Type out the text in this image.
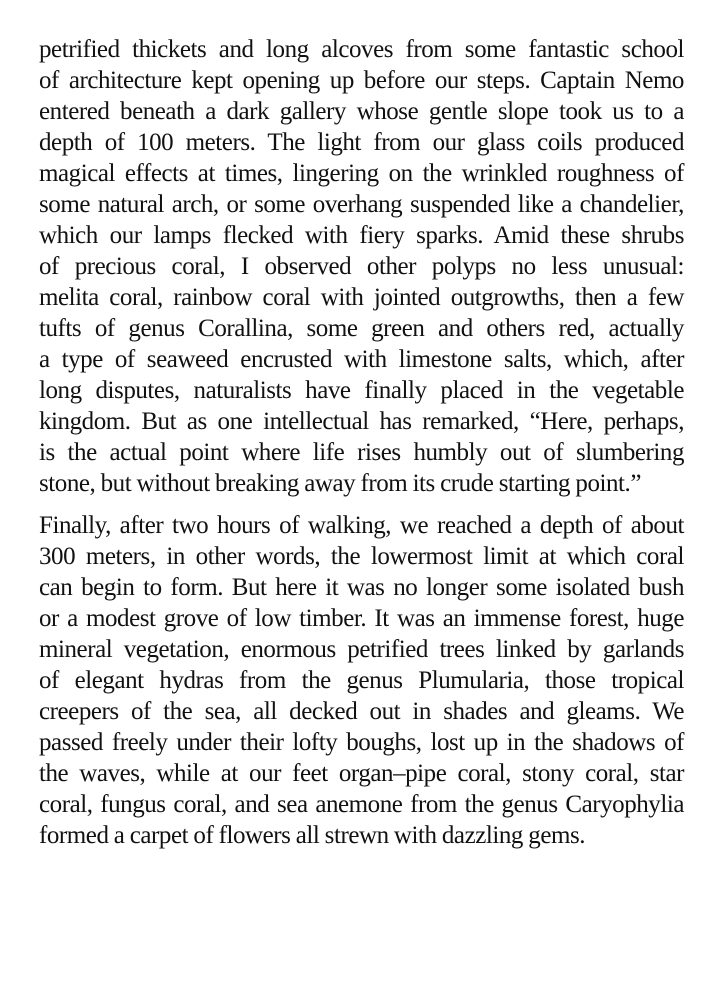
petrified thickets and long alcoves from some fantastic school
of architecture kept opening up before our steps. Captain Nemo
entered beneath a dark gallery whose gentle slope took us to a
depth of 100 meters. The light from our glass coils produced
magical effects at times, lingering on the wrinkled roughness of
some natural arch, or some overhang suspended like a chandelier,
which our lamps flecked with fiery sparks. Amid these shrubs
of precious coral, I observed other polyps no less unusual:
melita coral, rainbow coral with jointed outgrowths, then a few
tufts of genus Corallina, some green and others red, actually
a type of seaweed encrusted with limestone salts, which, after
long disputes, naturalists have finally placed in the vegetable
kingdom. But as one intellectual has remarked, “Here, perhaps,
is the actual point where life rises humbly out of slumbering
stone, but without breaking away from its crude starting point.”

Finally, after two hours of walking, we reached a depth of about
300 meters, in other words, the lowermost limit at which coral
can begin to form. But here it was no longer some isolated bush
or a modest grove of low timber. It was an immense forest, huge
mineral vegetation, enormous petrified trees linked by garlands
of elegant hydras from the genus Plumularia, those tropical
creepers of the sea, all decked out in shades and gleams. We
passed freely under their lofty boughs, lost up in the shadows of
the waves, while at our feet organ–pipe coral, stony coral, star
coral, fungus coral, and sea anemone from the genus Caryophylia
formed a carpet of flowers all strewn with dazzling gems.
